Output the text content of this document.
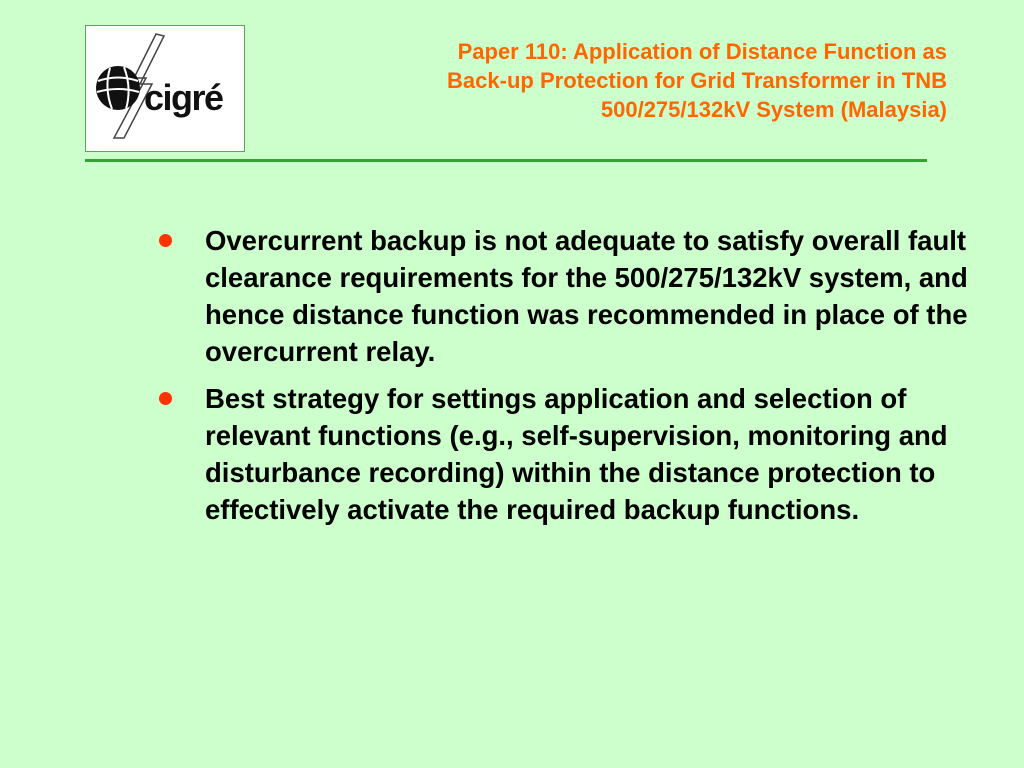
cigré
Paper 110: Application of Distance Function as
Back-up Protection for Grid Transformer in TNB
500/275/132kV System (Malaysia)
Overcurrent backup is not adequate to satisfy overall fault clearance requirements for the 500/275/132kV system, and hence distance function was recommended in place of the overcurrent relay.
Best strategy for settings application and selection of relevant functions (e.g., self-supervision, monitoring and disturbance recording) within the distance protection to effectively activate the required backup functions.
